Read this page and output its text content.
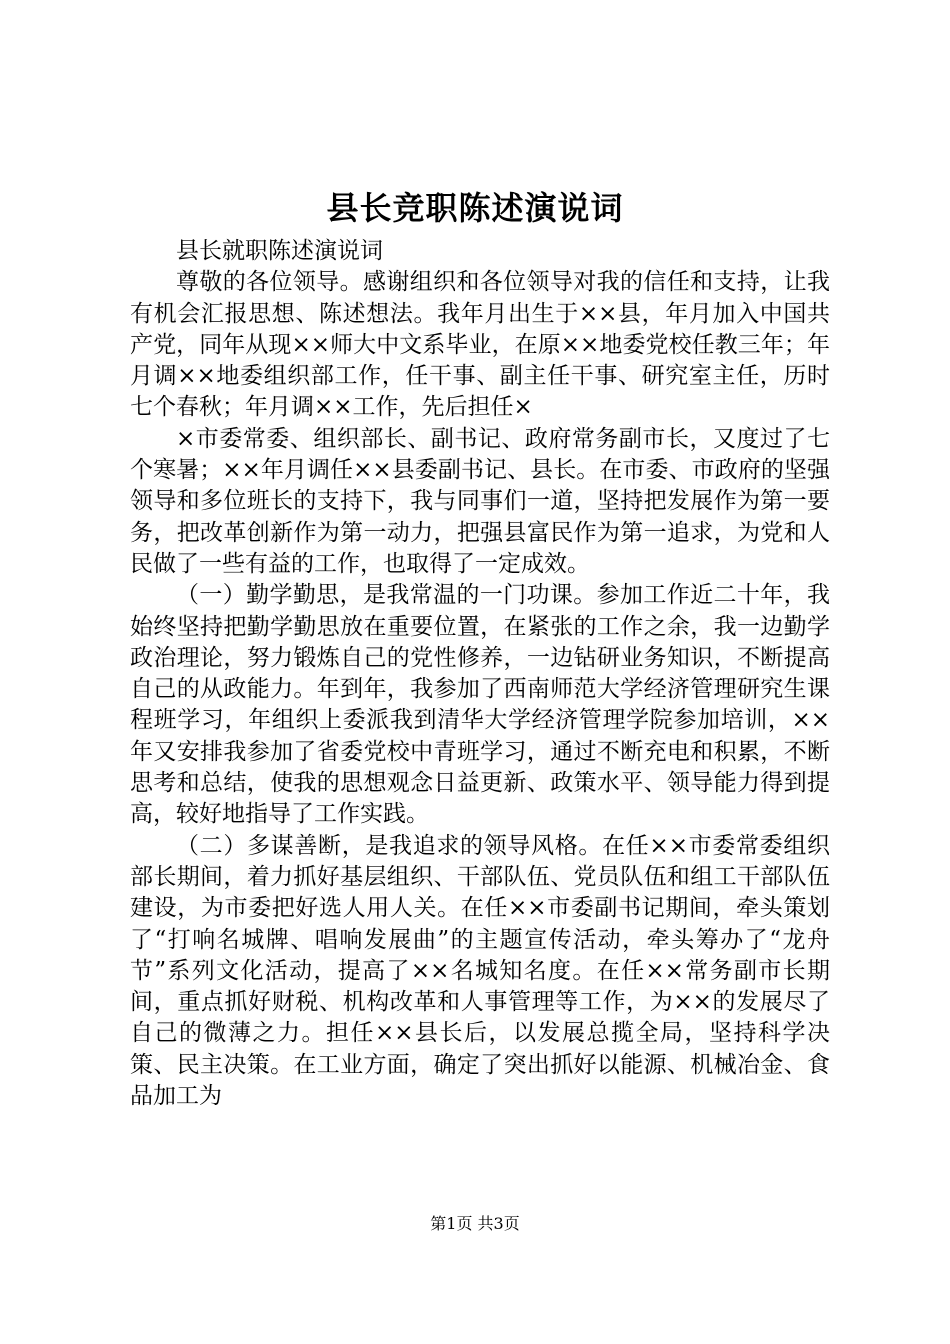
县长竞职陈述演说词

县长就职陈述演说词

尊敬的各位领导。感谢组织和各位领导对我的信任和支持，让我有机会汇报思想、陈述想法。我年月出生于××县，年月加入中国共产党，同年从现××师大中文系毕业，在原××地委党校任教三年；年月调××地委组织部工作，任干事、副主任干事、研究室主任，历时七个春秋；年月调××工作，先后担任×

×市委常委、组织部长、副书记、政府常务副市长，又度过了七个寒暑；××年月调任××县委副书记、县长。在市委、市政府的坚强领导和多位班长的支持下，我与同事们一道，坚持把发展作为第一要务，把改革创新作为第一动力，把强县富民作为第一追求，为党和人民做了一些有益的工作，也取得了一定成效。

（一）勤学勤思，是我常温的一门功课。参加工作近二十年，我始终坚持把勤学勤思放在重要位置，在紧张的工作之余，我一边勤学政治理论，努力锻炼自己的党性修养，一边钻研业务知识，不断提高自己的从政能力。年到年，我参加了西南师范大学经济管理研究生课程班学习，年组织上委派我到清华大学经济管理学院参加培训，××年又安排我参加了省委党校中青班学习，通过不断充电和积累，不断思考和总结，使我的思想观念日益更新、政策水平、领导能力得到提高，较好地指导了工作实践。

（二）多谋善断，是我追求的领导风格。在任××市委常委组织部长期间，着力抓好基层组织、干部队伍、党员队伍和组工干部队伍建设，为市委把好选人用人关。在任××市委副书记期间，牵头策划了“打响名城牌、唱响发展曲”的主题宣传活动，牵头筹办了“龙舟节”系列文化活动，提高了××名城知名度。在任××常务副市长期间，重点抓好财税、机构改革和人事管理等工作，为××的发展尽了自己的微薄之力。担任××县长后，以发展总揽全局，坚持科学决策、民主决策。在工业方面，确定了突出抓好以能源、机械冶金、食品加工为

第1页 共3页
